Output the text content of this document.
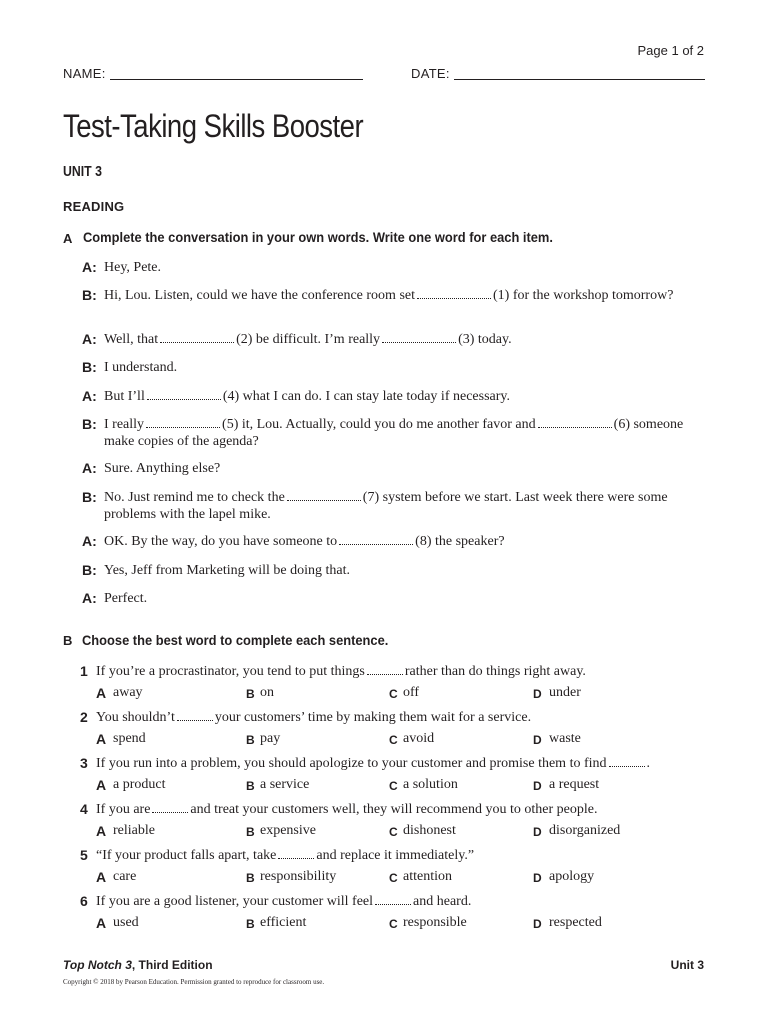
Page 1 of 2
NAME:	DATE:
Test-Taking Skills Booster
UNIT 3
READING
A Complete the conversation in your own words. Write one word for each item.
A: Hey, Pete.
B: Hi, Lou. Listen, could we have the conference room set	(1) for the workshop tomorrow?
A: Well, that	(2) be difficult. I’m really	(3) today.
B: I understand.
A: But I’ll	(4) what I can do. I can stay late today if necessary.
B: I really	(5) it, Lou. Actually, could you do me another favor and	(6) someone make copies of the agenda?
A: Sure. Anything else?
B: No. Just remind me to check the	(7) system before we start. Last week there were some problems with the lapel mike.
A: OK. By the way, do you have someone to	(8) the speaker?
B: Yes, Jeff from Marketing will be doing that.
A: Perfect.
B Choose the best word to complete each sentence.
1 If you’re a procrastinator, you tend to put things	rather than do things right away.
A away	B on	C off	D under
2 You shouldn’t	your customers’ time by making them wait for a service.
A spend	B pay	C avoid	D waste
3 If you run into a problem, you should apologize to your customer and promise them to find	.
A a product	B a service	C a solution	D a request
4 If you are	and treat your customers well, they will recommend you to other people.
A reliable	B expensive	C dishonest	D disorganized
5 “If your product falls apart, take	and replace it immediately.”
A care	B responsibility	C attention	D apology
6 If you are a good listener, your customer will feel	and heard.
A used	B efficient	C responsible	D respected
Top Notch 3, Third Edition	Unit 3
Copyright © 2018 by Pearson Education. Permission granted to reproduce for classroom use.
